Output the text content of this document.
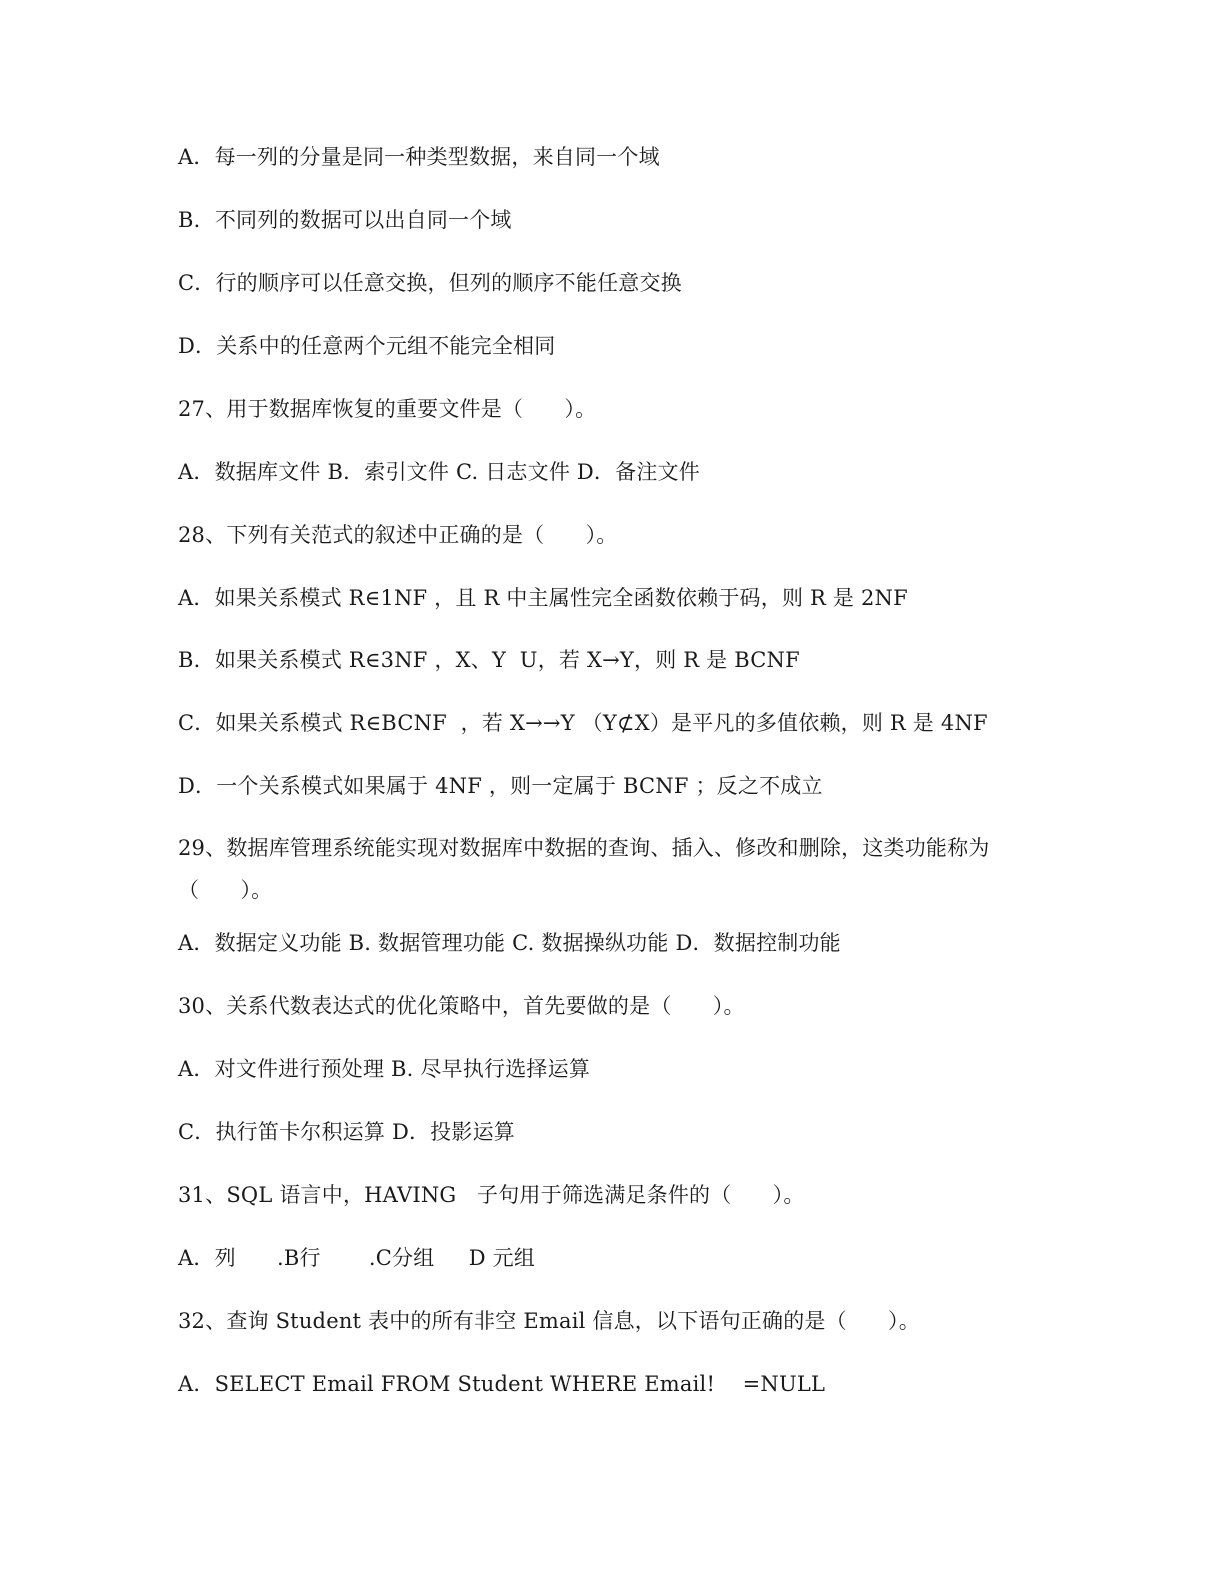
A．每一列的分量是同一种类型数据，来自同一个域
B．不同列的数据可以出自同一个域
C．行的顺序可以任意交换，但列的顺序不能任意交换
D．关系中的任意两个元组不能完全相同
27、用于数据库恢复的重要文件是（      ）。
A．数据库文件 B．索引文件 C. 日志文件 D．备注文件
28、下列有关范式的叙述中正确的是（      ）。
A．如果关系模式 R∈1NF ，且 R 中主属性完全函数依赖于码，则 R 是 2NF
B．如果关系模式 R∈3NF ，X、Y  U，若 X→Y，则 R 是 BCNF
C．如果关系模式 R∈BCNF  ，若 X→→Y （Y⊄X）是平凡的多值依赖，则 R 是 4NF
D．一个关系模式如果属于 4NF ，则一定属于 BCNF ；反之不成立
29、数据库管理系统能实现对数据库中数据的查询、插入、修改和删除，这类功能称为
（      ）。
A．数据定义功能 B. 数据管理功能 C. 数据操纵功能 D．数据控制功能
30、关系代数表达式的优化策略中，首先要做的是（      ）。
A．对文件进行预处理 B. 尽早执行选择运算
C．执行笛卡尔积运算 D．投影运算
31、SQL 语言中，HAVING   子句用于筛选满足条件的（      ）。
A．列      .B行       .C分组     D 元组
32、查询 Student 表中的所有非空 Email 信息，以下语句正确的是（      ）。
A．SELECT Email FROM Student WHERE Email!    =NULL
